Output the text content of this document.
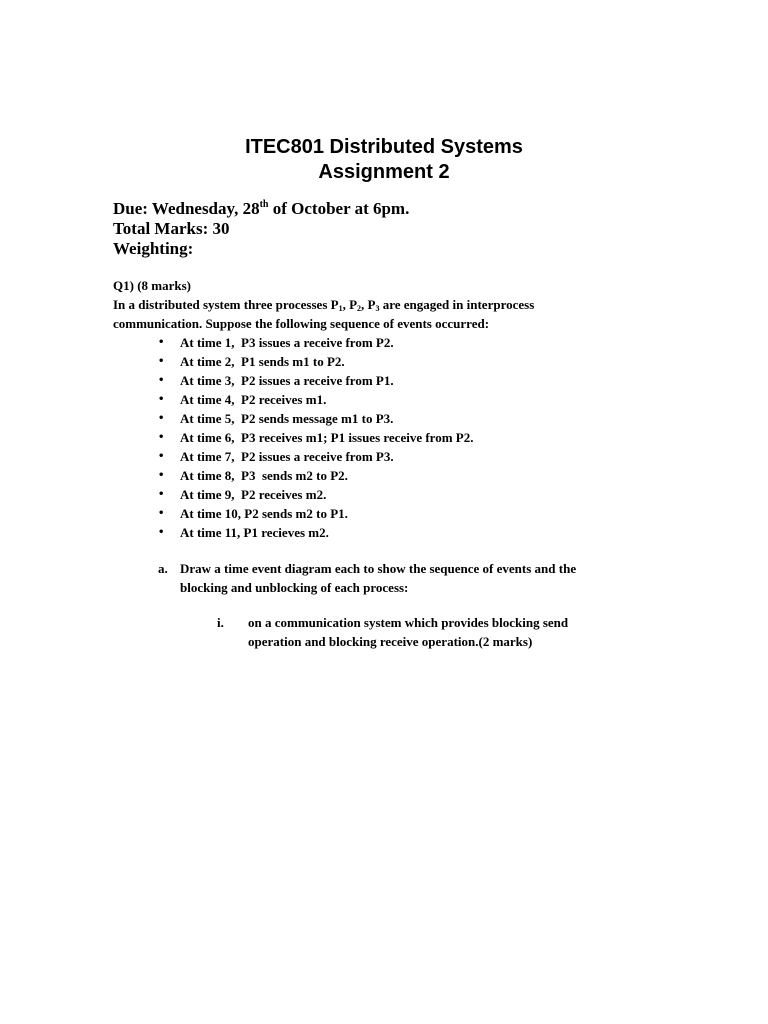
ITEC801 Distributed Systems
Assignment 2
Due: Wednesday, 28th of October at 6pm.
Total Marks: 30
Weighting:
Q1) (8 marks)
In a distributed system three processes $P_1$, $P_2$, $P_3$ are engaged in interprocess
communication. Suppose the following sequence of events occurred:
• At time 1,  P3 issues a receive from P2.
• At time 2,  P1 sends m1 to P2.
• At time 3,  P2 issues a receive from P1.
• At time 4,  P2 receives m1.
• At time 5,  P2 sends message m1 to P3.
• At time 6,  P3 receives m1; P1 issues receive from P2.
• At time 7,  P2 issues a receive from P3.
• At time 8,  P3  sends m2 to P2.
• At time 9,  P2 receives m2.
• At time 10, P2 sends m2 to P1.
• At time 11, P1 recieves m2.
a. Draw a time event diagram each to show the sequence of events and the
blocking and unblocking of each process:
i. on a communication system which provides blocking send
operation and blocking receive operation.(2 marks)
